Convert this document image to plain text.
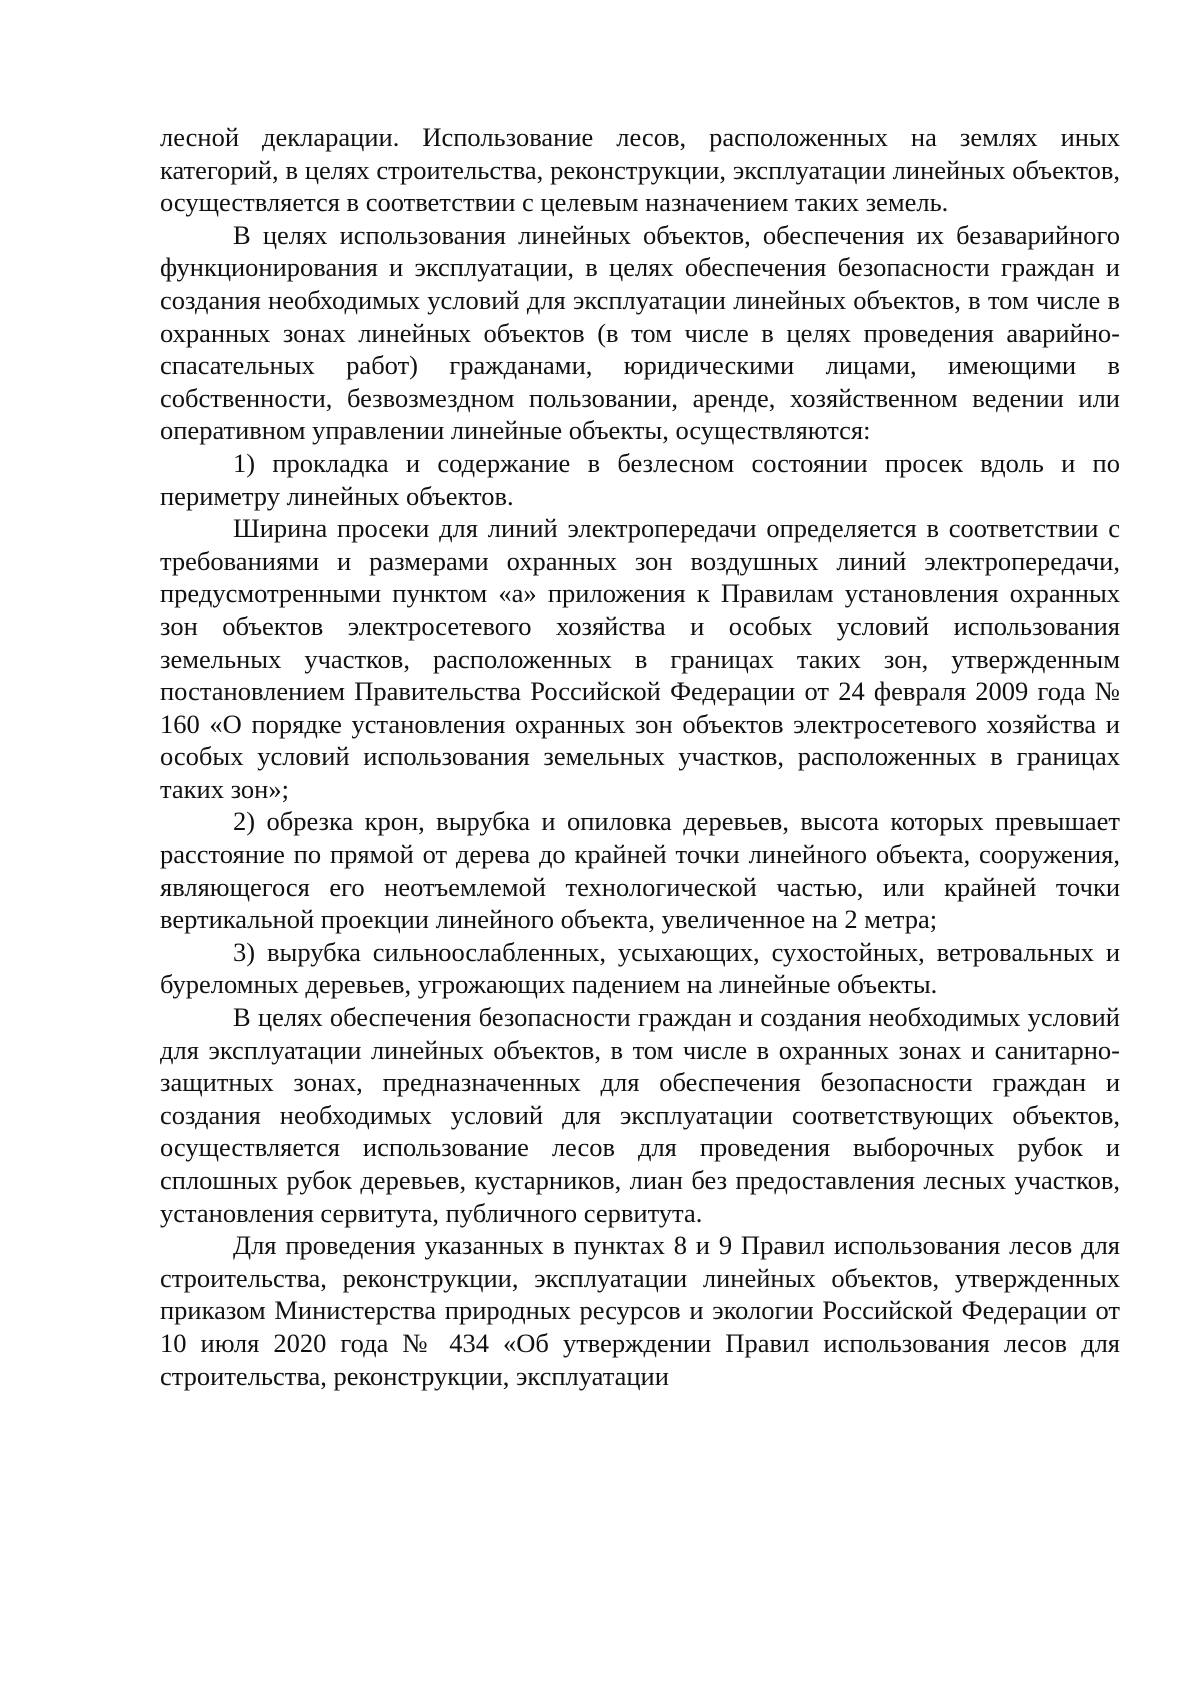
лесной декларации. Использование лесов, расположенных на землях иных категорий, в целях строительства, реконструкции, эксплуатации линейных объектов, осуществляется в соответствии с целевым назначением таких земель.

В целях использования линейных объектов, обеспечения их безаварийного функционирования и эксплуатации, в целях обеспечения безопасности граждан и создания необходимых условий для эксплуатации линейных объектов, в том числе в охранных зонах линейных объектов (в том числе в целях проведения аварийно-спасательных работ) гражданами, юридическими лицами, имеющими в собственности, безвозмездном пользовании, аренде, хозяйственном ведении или оперативном управлении линейные объекты, осуществляются:

1) прокладка и содержание в безлесном состоянии просек вдоль и по периметру линейных объектов.

Ширина просеки для линий электропередачи определяется в соответствии с требованиями и размерами охранных зон воздушных линий электропередачи, предусмотренными пунктом «а» приложения к Правилам установления охранных зон объектов электросетевого хозяйства и особых условий использования земельных участков, расположенных в границах таких зон, утвержденным постановлением Правительства Российской Федерации от 24 февраля 2009 года № 160 «О порядке установления охранных зон объектов электросетевого хозяйства и особых условий использования земельных участков, расположенных в границах таких зон»;

2) обрезка крон, вырубка и опиловка деревьев, высота которых превышает расстояние по прямой от дерева до крайней точки линейного объекта, сооружения, являющегося его неотъемлемой технологической частью, или крайней точки вертикальной проекции линейного объекта, увеличенное на 2 метра;

3) вырубка сильноослабленных, усыхающих, сухостойных, ветровальных и буреломных деревьев, угрожающих падением на линейные объекты.

В целях обеспечения безопасности граждан и создания необходимых условий для эксплуатации линейных объектов, в том числе в охранных зонах и санитарно-защитных зонах, предназначенных для обеспечения безопасности граждан и создания необходимых условий для эксплуатации соответствующих объектов, осуществляется использование лесов для проведения выборочных рубок и сплошных рубок деревьев, кустарников, лиан без предоставления лесных участков, установления сервитута, публичного сервитута.

Для проведения указанных в пунктах 8 и 9 Правил использования лесов для строительства, реконструкции, эксплуатации линейных объектов, утвержденных приказом Министерства природных ресурсов и экологии Российской Федерации от 10 июля 2020 года № 434 «Об утверждении Правил использования лесов для строительства, реконструкции, эксплуатации
